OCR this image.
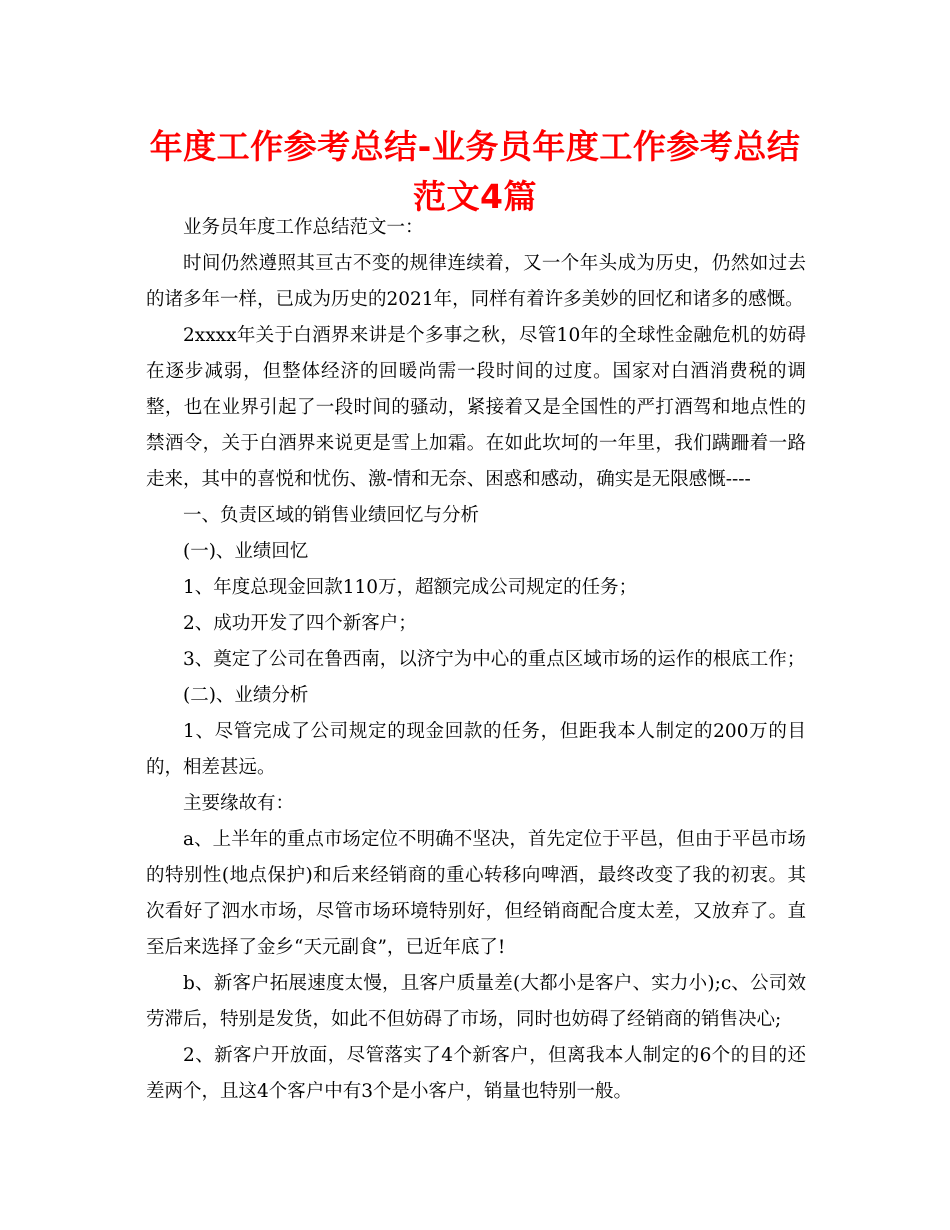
年度工作参考总结-业务员年度工作参考总结范文4篇

业务员年度工作总结范文一：

时间仍然遵照其亘古不变的规律连续着，又一个年头成为历史，仍然如过去的诸多年一样，已成为历史的2021年，同样有着许多美妙的回忆和诸多的感慨。

2xxxx年关于白酒界来讲是个多事之秋，尽管10年的全球性金融危机的妨碍在逐步减弱，但整体经济的回暖尚需一段时间的过度。国家对白酒消费税的调整，也在业界引起了一段时间的骚动，紧接着又是全国性的严打酒驾和地点性的禁酒令，关于白酒界来说更是雪上加霜。在如此坎坷的一年里，我们蹒跚着一路走来，其中的喜悦和忧伤、激-情和无奈、困惑和感动，确实是无限感慨----

一、负责区域的销售业绩回忆与分析

(一)、业绩回忆

1、年度总现金回款110万，超额完成公司规定的任务；

2、成功开发了四个新客户；

3、奠定了公司在鲁西南，以济宁为中心的重点区域市场的运作的根底工作；

(二)、业绩分析

1、尽管完成了公司规定的现金回款的任务，但距我本人制定的200万的目的，相差甚远。

主要缘故有：

a、上半年的重点市场定位不明确不坚决，首先定位于平邑，但由于平邑市场的特别性(地点保护)和后来经销商的重心转移向啤酒，最终改变了我的初衷。其次看好了泗水市场，尽管市场环境特别好，但经销商配合度太差，又放弃了。直至后来选择了金乡“天元副食”，已近年底了!

b、新客户拓展速度太慢，且客户质量差(大都小是客户、实力小);c、公司效劳滞后，特别是发货，如此不但妨碍了市场，同时也妨碍了经销商的销售决心;

2、新客户开放面，尽管落实了4个新客户，但离我本人制定的6个的目的还差两个，且这4个客户中有3个是小客户，销量也特别一般。
